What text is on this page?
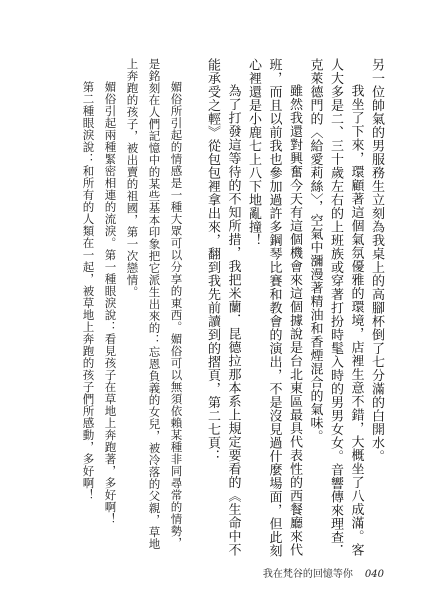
另一位帥氣的男服務生立刻為我桌上的高腳杯倒了七分滿的白開水。

我坐了下來，環顧著這個氣氛優雅的環境，店裡生意不錯，大概坐了八成滿。客人大多是二、三十歲左右的上班族或穿著打扮時髦入時的男男女女。音響傳來理查．克萊德門的〈給愛莉絲〉，空氣中瀰漫著精油和香煙混合的氣味。

雖然我還對興奮今天有這個機會來這個據說是台北東區最具代表性的西餐廳來代班，而且以前我也參加過許多鋼琴比賽和教會的演出，不是沒見過什麼場面，但此刻心裡還是小鹿七上八下地亂撞！

為了打發這等待的不知所措，我把米蘭．昆德拉那本系上規定要看的《生命中不能承受之輕》從包包裡拿出來，翻到我先前讀到的摺頁，第二七頁：

媚俗所引起的情感是一種大眾可以分享的東西。媚俗可以無須依賴某種非同尋常的情勢，是銘刻在人們記憶中的某些基本印象把它派生出來的：忘恩負義的女兒，被冷落的父親，草地上奔跑的孩子，被出賣的祖國，第一次戀情。

媚俗引起兩種緊密相連的流淚。第一種眼淚說：看見孩子在草地上奔跑著，多好啊！

第二種眼淚說：和所有的人類在一起，被草地上奔跑的孩子們所感動，多好啊！

我在梵谷的回憶等你 040
